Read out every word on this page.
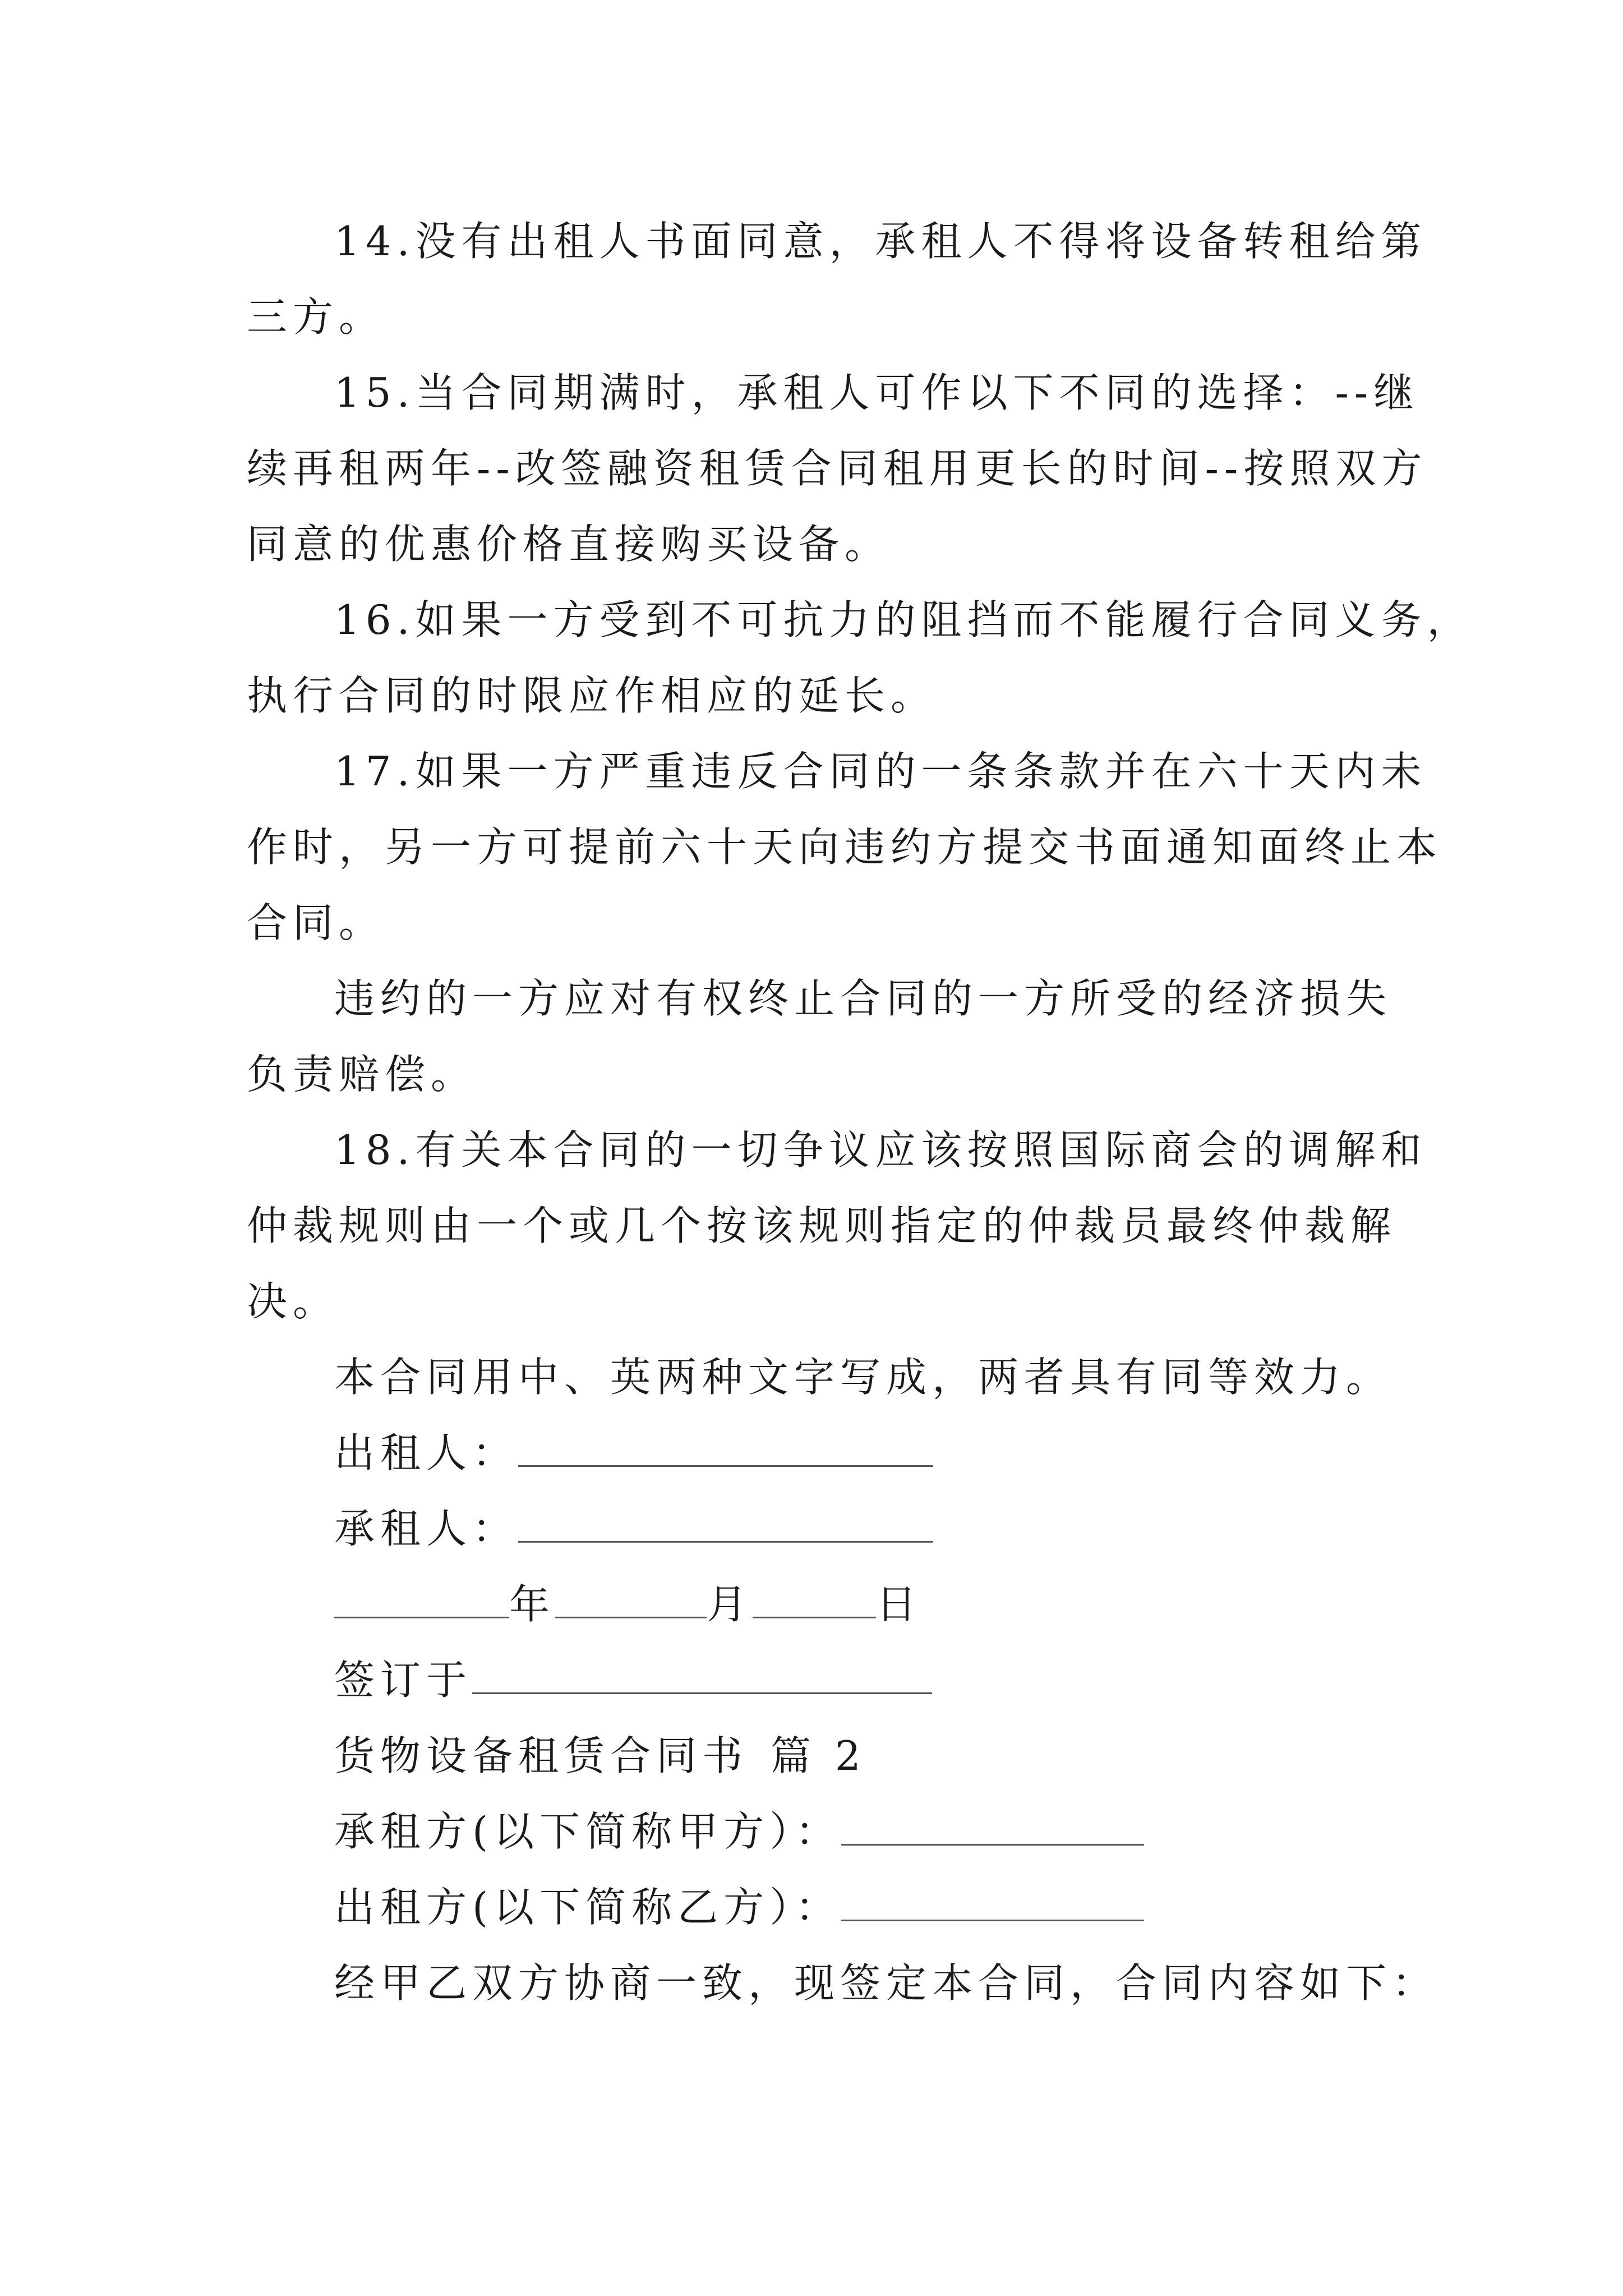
14.没有出租人书面同意，承租人不得将设备转租给第
三方。
15.当合同期满时，承租人可作以下不同的选择：--继
续再租两年--改签融资租赁合同租用更长的时间--按照双方
同意的优惠价格直接购买设备。
16.如果一方受到不可抗力的阻挡而不能履行合同义务，
执行合同的时限应作相应的延长。
17.如果一方严重违反合同的一条条款并在六十天内未
作时，另一方可提前六十天向违约方提交书面通知面终止本
合同。
违约的一方应对有权终止合同的一方所受的经济损失
负责赔偿。
18.有关本合同的一切争议应该按照国际商会的调解和
仲裁规则由一个或几个按该规则指定的仲裁员最终仲裁解
决。
本合同用中、英两种文字写成，两者具有同等效力。
出租人：
承租人：
年	月	日
签订于
货物设备租赁合同书 篇 2
承租方(以下简称甲方）：
出租方(以下简称乙方）：
经甲乙双方协商一致，现签定本合同，合同内容如下：
